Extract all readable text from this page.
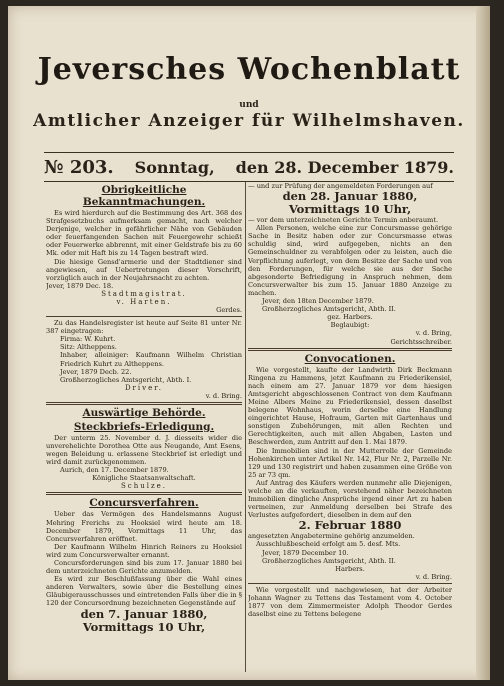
Jeversches Wochenblatt
und
Amtlicher Anzeiger für Wilhelmshaven.
№ 203. Sonntag, den 28. December 1879.
Obrigkeitliche Bekanntmachungen.

Es wird hierdurch auf die Bestimmung des Art. 368 des Strafgesetzbuchs aufmerksam gemacht, nach welcher Derjenige, welcher in gefährlicher Nähe von Gebäuden oder feuerfangenden Sachen mit Feuergewehr schießt oder Feuerwerke abbrennt, mit einer Geldstrafe bis zu 60 Mk. oder mit Haft bis zu 14 Tagen bestraft wird.

Die hiesige Gensd'armerie und der Stadtdiener sind angewiesen, auf Uebertretungen dieser Vorschrift, vorzüglich auch in der Neujahrsnacht zu achten.

Jever, 1879 Dec. 18.

Stadtmagistrat.
v. Harten.

Gerdes.

Zu das Handelsregister ist heute auf Seite 81 unter Nr. 387 eingetragen:

Firma: W. Kuhrt.

Sitz: Altheppens.

Inhaber, alleiniger: Kaufmann Wilhelm Christian Friedrich Kuhrt zu Altheppens.

Jever, 1879 Decb. 22.

Großherzogliches Amtsgericht, Abth. I.

Driver.

v. d. Bring.

Auswärtige Behörde.
Steckbriefs-Erledigung.

Der unterm 25. November d. J. diesseits wider die unverehelichte Dorothea Otte aus Neugande, Amt Esens, wegen Beleidung u. erlassene Steckbrief ist erledigt und wird damit zurückgenommen.

Aurich, den 17. December 1879.

Königliche Staatsanwaltschaft.

Schulze.
Concursverfahren.

Ueber das Vermögen des Handelsmanns August Mehring Frerichs zu Hooksiel wird heute am 18. December 1879, Vormittags 11 Uhr, das Concursverfahren eröffnet.

Der Kaufmann Wilhelm Hinrich Reiners zu Hooksiel wird zum Concursverwalter ernannt.

Concursforderungen sind bis zum 17. Januar 1880 bei dem unterzeichneten Gerichte anzumelden.

Es wird zur Beschlußfassung über die Wahl eines anderen Verwalters, sowie über die Bestellung eines Gläubigerausschusses und eintretenden Falls über die in § 120 der Concursordnung bezeichneten Gegenstände auf

den 7. Januar 1880,
Vormittags 10 Uhr,

— und zur Prüfung der angemeldeten Forderungen auf

den 28. Januar 1880,
Vormittags 10 Uhr,

— vor dem unterzeichneten Gerichte Termin anberaumt.

Allen Personen, welche eine zur Concursmasse gehörige Sache in Besitz haben oder zur Concursmasse etwas schuldig sind, wird aufgegeben, nichts an den Gemeinschuldner zu verabfolgen oder zu leisten, auch die Verpflichtung auferlegt, von dem Besitze der Sache und von den Forderungen, für welche sie aus der Sache abgesonderte Befriedigung in Anspruch nehmen, dem Concursverwalter bis zum 15. Januar 1880 Anzeige zu machen.

Jever, den 18ten December 1879.

Großherzogliches Amtsgericht, Abth. II.

gez. Harbers.

Beglaubigt:

v. d. Bring,

Gerichtsschreiber.

Convocationen.

Wie vorgestellt, kaufte der Landwirth Dirk Beckmann Ringena zu Hammens, jetzt Kaufmann zu Friederikensiel, nach einem am 27. Januar 1879 vor dem hiesigen Amtsgericht abgeschlossenen Contract von dem Kaufmann Meine Albers Meine zu Friederikensiel, dessen daselbst belegene Wohnhaus, worin derselbe eine Handlung eingerichtet Hause, Hofraum, Garten mit Gartenhaus und sonstigen Zubehörungen, mit allen Rechten und Gerechtigkeiten, auch mit allen Abgaben, Lasten und Beschwerden, zum Antritt auf den 1. Mai 1879.

Die Immobilien sind in der Mutterrolle der Gemeinde Hohenkirchen unter Artikel Nr. 142, Flur Nr. 2, Parzelle Nr. 129 und 130 registrirt und haben zusammen eine Größe von 25 ar 73 qm.

Auf Antrag des Käufers werden nunmehr alle Diejenigen, welche an die verkauften, vorstehend näher bezeichneten Immobilien dingliche Ansprüche irgend einer Art zu haben vermeinen, zur Anmeldung derselben bei Strafe des Verlustes aufgefordert, dieselben in dem auf den

2. Februar 1880

angesetzten Angabetermine gehörig anzumelden.

Ausschlußbescheid erfolgt am 5. desf. Mts.

Jever, 1879 December 10.

Großherzogliches Amtsgericht, Abth. II.

Harbers.

v. d. Bring.

Wie vorgestellt und nachgewiesen, hat der Arbeiter Johann Wagner zu Tettens das Testament vom 4. October 1877 von dem Zimmermeister Adolph Theodor Gerdes daselbst eine zu Tettens belegene
